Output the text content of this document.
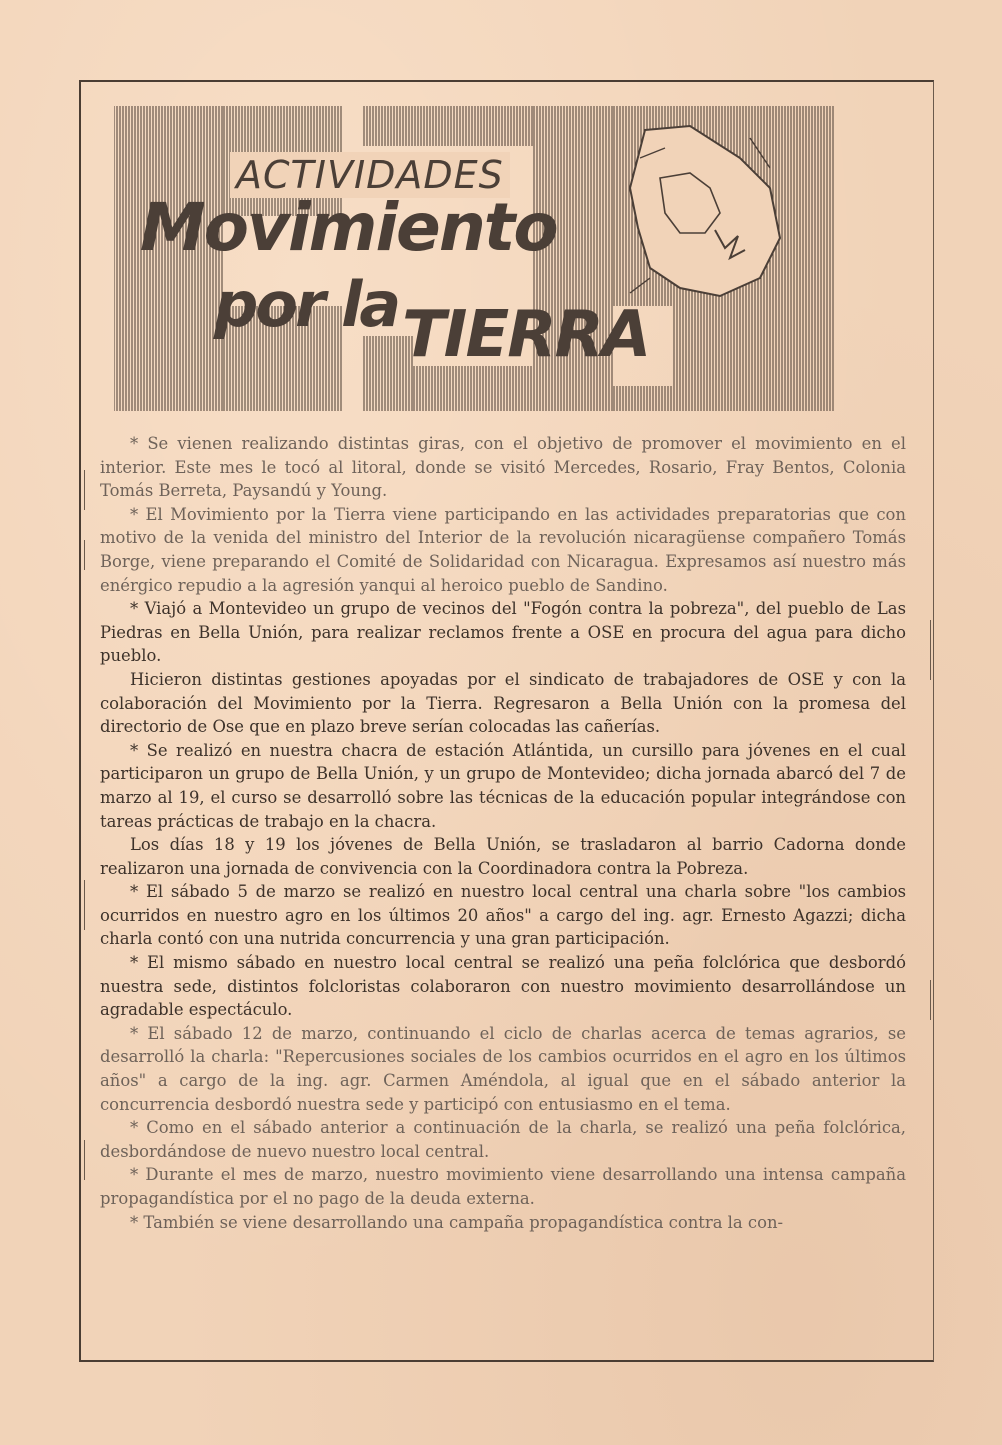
ACTIVIDADES
Movimiento
por la TIERRA

* Se vienen realizando distintas giras, con el objetivo de promover el movimiento en el interior. Este mes le tocó al litoral, donde se visitó Mercedes, Rosario, Fray Bentos, Colonia Tomás Berreta, Paysandú y Young.

* El Movimiento por la Tierra viene participando en las actividades preparatorias que con motivo de la venida del ministro del Interior de la revolución nicaragüense compañero Tomás Borge, viene preparando el Comité de Solidaridad con Nicaragua. Expresamos así nuestro más enérgico repudio a la agresión yanqui al heroico pueblo de Sandino.

* Viajó a Montevideo un grupo de vecinos del "Fogón contra la pobreza", del pueblo de Las Piedras en Bella Unión, para realizar reclamos frente a OSE en procura del agua para dicho pueblo.

Hicieron distintas gestiones apoyadas por el sindicato de trabajadores de OSE y con la colaboración del Movimiento por la Tierra. Regresaron a Bella Unión con la promesa del directorio de Ose que en plazo breve serían colocadas las cañerías.

* Se realizó en nuestra chacra de estación Atlántida, un cursillo para jóvenes en el cual participaron un grupo de Bella Unión, y un grupo de Montevideo; dicha jornada abarcó del 7 de marzo al 19, el curso se desarrolló sobre las técnicas de la educación popular integrándose con tareas prácticas de trabajo en la chacra.

Los días 18 y 19 los jóvenes de Bella Unión, se trasladaron al barrio Cadorna donde realizaron una jornada de convivencia con la Coordinadora contra la Pobreza.

* El sábado 5 de marzo se realizó en nuestro local central una charla sobre "los cambios ocurridos en nuestro agro en los últimos 20 años" a cargo del ing. agr. Ernesto Agazzi; dicha charla contó con una nutrida concurrencia y una gran participación.

* El mismo sábado en nuestro local central se realizó una peña folclórica que desbordó nuestra sede, distintos folcloristas colaboraron con nuestro movimiento desarrollándose un agradable espectáculo.

* El sábado 12 de marzo, continuando el ciclo de charlas acerca de temas agrarios, se desarrolló la charla: "Repercusiones sociales de los cambios ocurridos en el agro en los últimos años" a cargo de la ing. agr. Carmen Améndola, al igual que en el sábado anterior la concurrencia desbordó nuestra sede y participó con entusiasmo en el tema.

* Como en el sábado anterior a continuación de la charla, se realizó una peña folclórica, desbordándose de nuevo nuestro local central.

* Durante el mes de marzo, nuestro movimiento viene desarrollando una intensa campaña propagandística por el no pago de la deuda externa.

* También se viene desarrollando una campaña propagandística contra la con-
